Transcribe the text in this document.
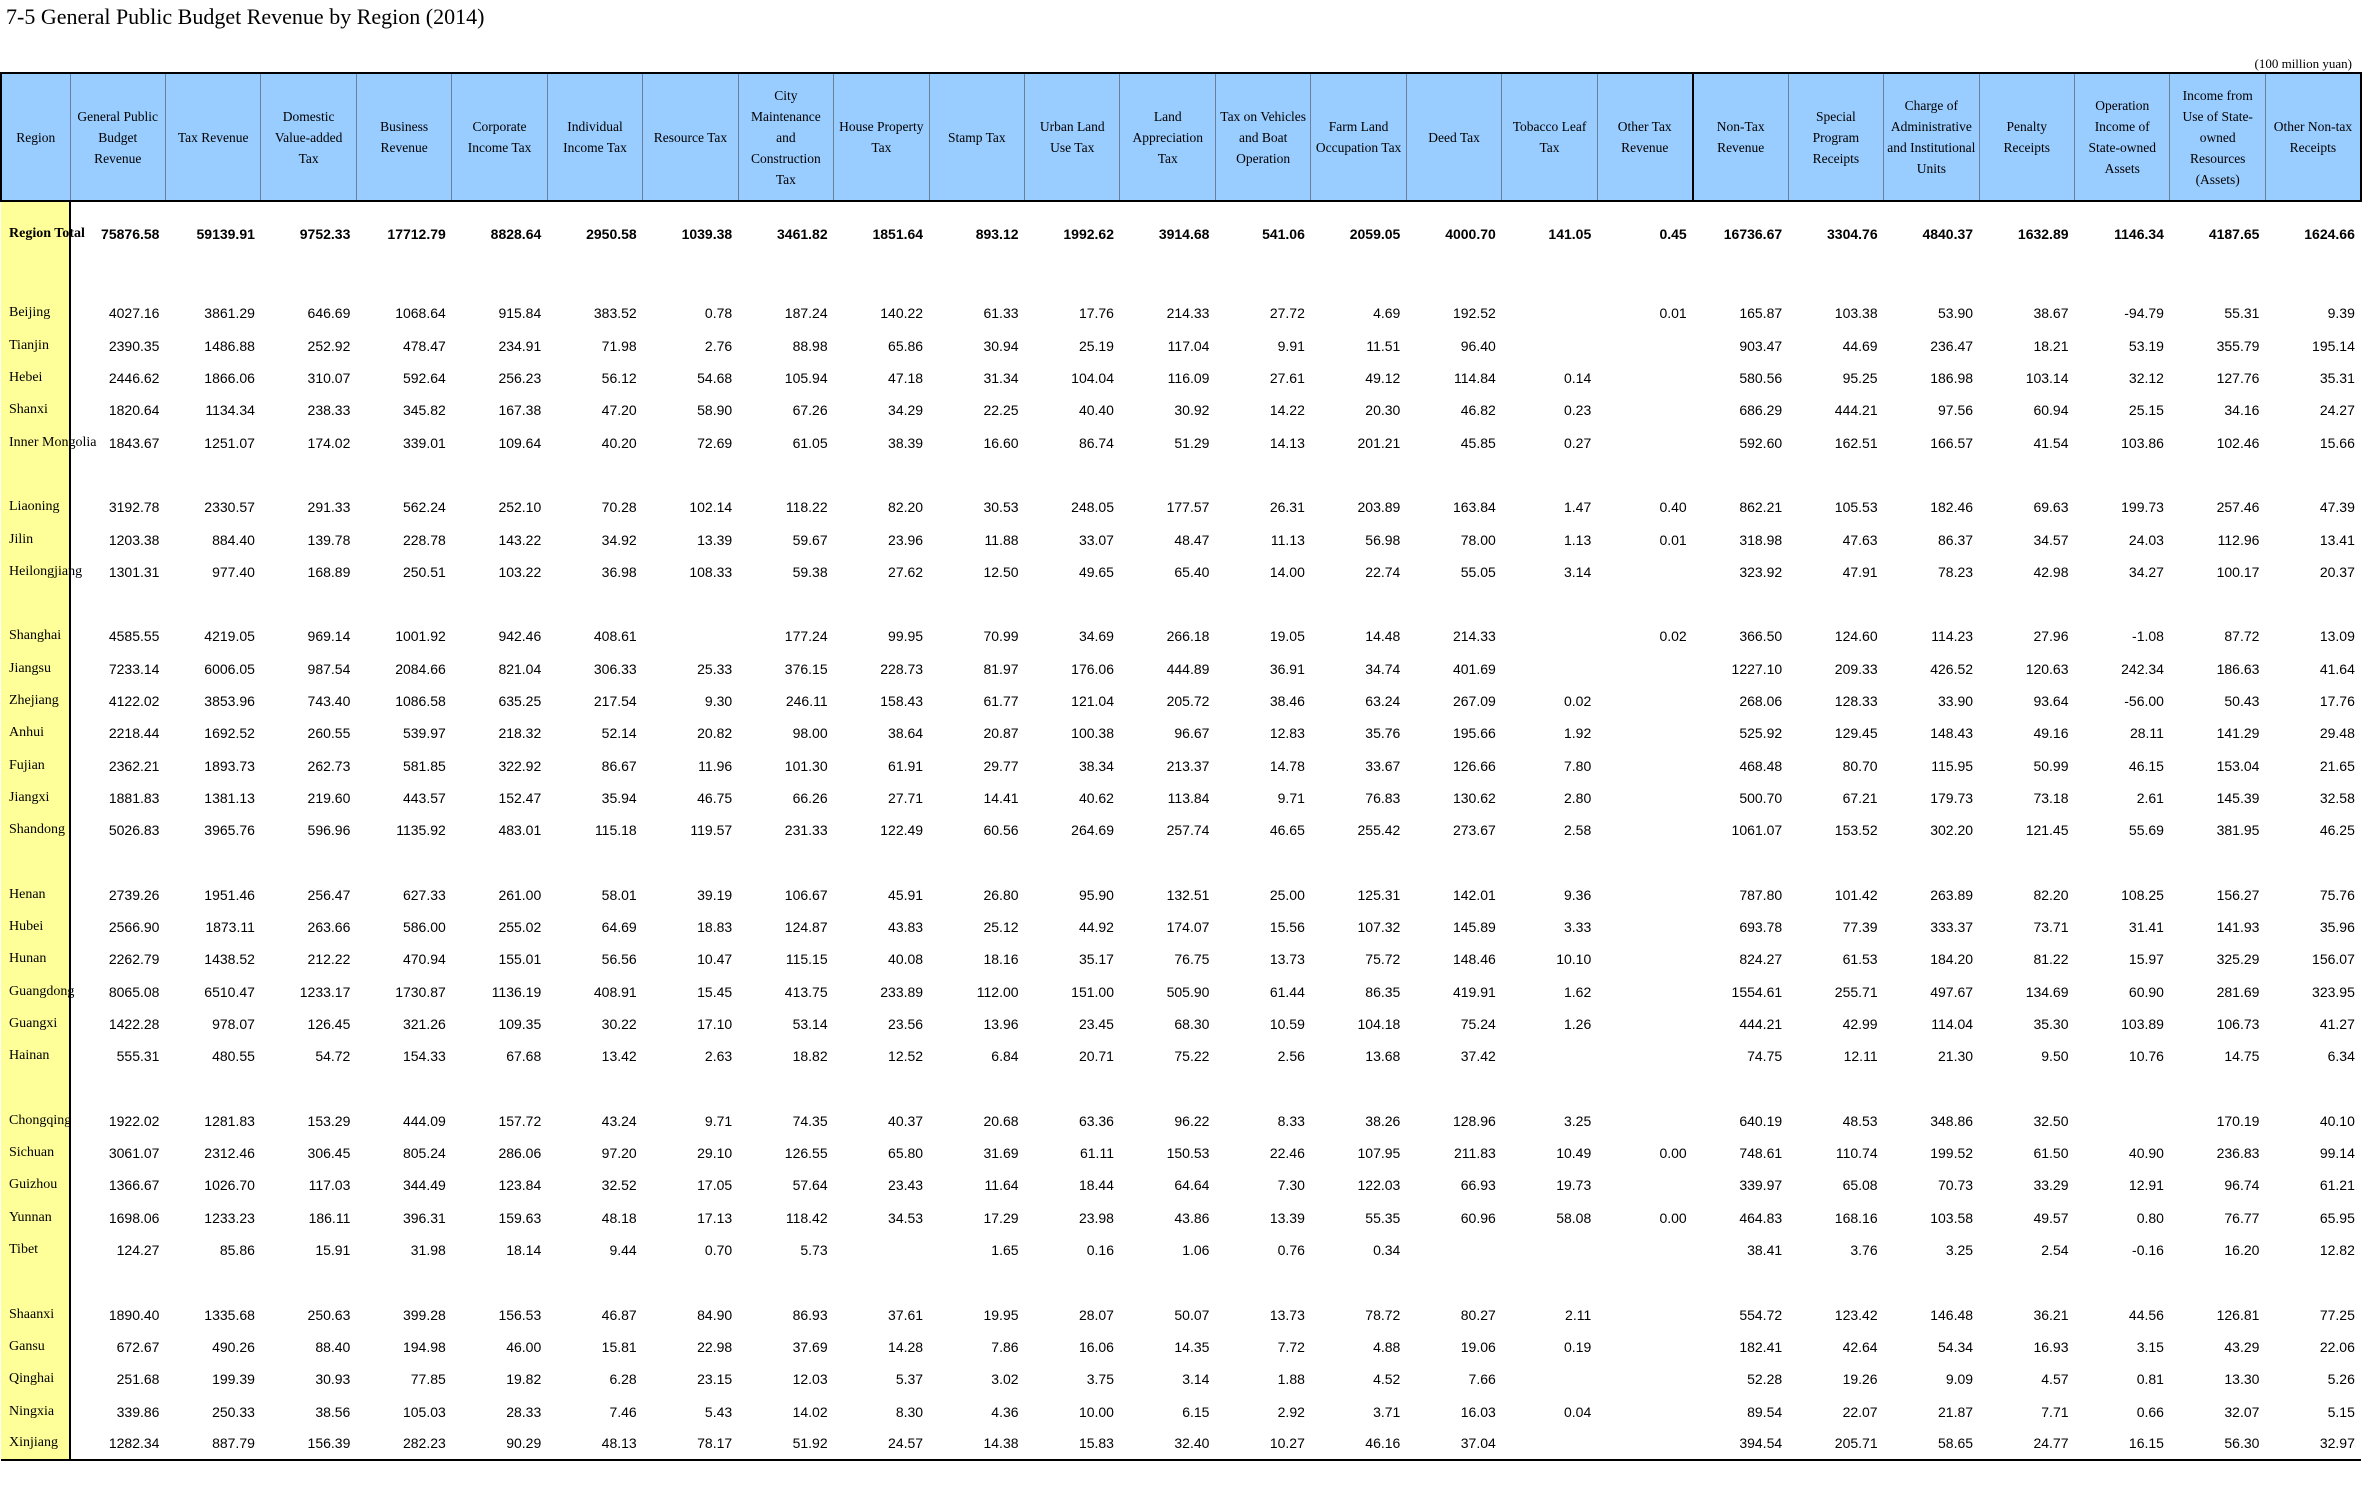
7-5 General Public Budget Revenue by Region (2014)
(100 million yuan)
Region	General Public Budget Revenue	Tax Revenue	Domestic Value-added Tax	Business Revenue	Corporate Income Tax	Individual Income Tax	Resource Tax	City Maintenance and Construction Tax	House Property Tax	Stamp Tax	Urban Land Use Tax	Land Appreciation Tax	Tax on Vehicles and Boat Operation	Farm Land Occupation Tax	Deed Tax	Tobacco Leaf Tax	Other Tax Revenue	Non-Tax Revenue	Special Program Receipts	Charge of Administrative and Institutional Units	Penalty Receipts	Operation Income of State-owned Assets	Income from Use of State-owned Resources (Assets)	Other Non-tax Receipts
Region Total	75876.58	59139.91	9752.33	17712.79	8828.64	2950.58	1039.38	3461.82	1851.64	893.12	1992.62	3914.68	541.06	2059.05	4000.70	141.05	0.45	16736.67	3304.76	4840.37	1632.89	1146.34	4187.65	1624.66

Beijing	4027.16	3861.29	646.69	1068.64	915.84	383.52	0.78	187.24	140.22	61.33	17.76	214.33	27.72	4.69	192.52		0.01	165.87	103.38	53.90	38.67	-94.79	55.31	9.39
Tianjin	2390.35	1486.88	252.92	478.47	234.91	71.98	2.76	88.98	65.86	30.94	25.19	117.04	9.91	11.51	96.40			903.47	44.69	236.47	18.21	53.19	355.79	195.14
Hebei	2446.62	1866.06	310.07	592.64	256.23	56.12	54.68	105.94	47.18	31.34	104.04	116.09	27.61	49.12	114.84	0.14		580.56	95.25	186.98	103.14	32.12	127.76	35.31
Shanxi	1820.64	1134.34	238.33	345.82	167.38	47.20	58.90	67.26	34.29	22.25	40.40	30.92	14.22	20.30	46.82	0.23		686.29	444.21	97.56	60.94	25.15	34.16	24.27
Inner Mongolia	1843.67	1251.07	174.02	339.01	109.64	40.20	72.69	61.05	38.39	16.60	86.74	51.29	14.13	201.21	45.85	0.27		592.60	162.51	166.57	41.54	103.86	102.46	15.66

Liaoning	3192.78	2330.57	291.33	562.24	252.10	70.28	102.14	118.22	82.20	30.53	248.05	177.57	26.31	203.89	163.84	1.47	0.40	862.21	105.53	182.46	69.63	199.73	257.46	47.39
Jilin	1203.38	884.40	139.78	228.78	143.22	34.92	13.39	59.67	23.96	11.88	33.07	48.47	11.13	56.98	78.00	1.13	0.01	318.98	47.63	86.37	34.57	24.03	112.96	13.41
Heilongjiang	1301.31	977.40	168.89	250.51	103.22	36.98	108.33	59.38	27.62	12.50	49.65	65.40	14.00	22.74	55.05	3.14		323.92	47.91	78.23	42.98	34.27	100.17	20.37

Shanghai	4585.55	4219.05	969.14	1001.92	942.46	408.61		177.24	99.95	70.99	34.69	266.18	19.05	14.48	214.33		0.02	366.50	124.60	114.23	27.96	-1.08	87.72	13.09
Jiangsu	7233.14	6006.05	987.54	2084.66	821.04	306.33	25.33	376.15	228.73	81.97	176.06	444.89	36.91	34.74	401.69			1227.10	209.33	426.52	120.63	242.34	186.63	41.64
Zhejiang	4122.02	3853.96	743.40	1086.58	635.25	217.54	9.30	246.11	158.43	61.77	121.04	205.72	38.46	63.24	267.09	0.02		268.06	128.33	33.90	93.64	-56.00	50.43	17.76
Anhui	2218.44	1692.52	260.55	539.97	218.32	52.14	20.82	98.00	38.64	20.87	100.38	96.67	12.83	35.76	195.66	1.92		525.92	129.45	148.43	49.16	28.11	141.29	29.48
Fujian	2362.21	1893.73	262.73	581.85	322.92	86.67	11.96	101.30	61.91	29.77	38.34	213.37	14.78	33.67	126.66	7.80		468.48	80.70	115.95	50.99	46.15	153.04	21.65
Jiangxi	1881.83	1381.13	219.60	443.57	152.47	35.94	46.75	66.26	27.71	14.41	40.62	113.84	9.71	76.83	130.62	2.80		500.70	67.21	179.73	73.18	2.61	145.39	32.58
Shandong	5026.83	3965.76	596.96	1135.92	483.01	115.18	119.57	231.33	122.49	60.56	264.69	257.74	46.65	255.42	273.67	2.58		1061.07	153.52	302.20	121.45	55.69	381.95	46.25

Henan	2739.26	1951.46	256.47	627.33	261.00	58.01	39.19	106.67	45.91	26.80	95.90	132.51	25.00	125.31	142.01	9.36		787.80	101.42	263.89	82.20	108.25	156.27	75.76
Hubei	2566.90	1873.11	263.66	586.00	255.02	64.69	18.83	124.87	43.83	25.12	44.92	174.07	15.56	107.32	145.89	3.33		693.78	77.39	333.37	73.71	31.41	141.93	35.96
Hunan	2262.79	1438.52	212.22	470.94	155.01	56.56	10.47	115.15	40.08	18.16	35.17	76.75	13.73	75.72	148.46	10.10		824.27	61.53	184.20	81.22	15.97	325.29	156.07
Guangdong	8065.08	6510.47	1233.17	1730.87	1136.19	408.91	15.45	413.75	233.89	112.00	151.00	505.90	61.44	86.35	419.91	1.62		1554.61	255.71	497.67	134.69	60.90	281.69	323.95
Guangxi	1422.28	978.07	126.45	321.26	109.35	30.22	17.10	53.14	23.56	13.96	23.45	68.30	10.59	104.18	75.24	1.26		444.21	42.99	114.04	35.30	103.89	106.73	41.27
Hainan	555.31	480.55	54.72	154.33	67.68	13.42	2.63	18.82	12.52	6.84	20.71	75.22	2.56	13.68	37.42			74.75	12.11	21.30	9.50	10.76	14.75	6.34

Chongqing	1922.02	1281.83	153.29	444.09	157.72	43.24	9.71	74.35	40.37	20.68	63.36	96.22	8.33	38.26	128.96	3.25		640.19	48.53	348.86	32.50		170.19	40.10
Sichuan	3061.07	2312.46	306.45	805.24	286.06	97.20	29.10	126.55	65.80	31.69	61.11	150.53	22.46	107.95	211.83	10.49	0.00	748.61	110.74	199.52	61.50	40.90	236.83	99.14
Guizhou	1366.67	1026.70	117.03	344.49	123.84	32.52	17.05	57.64	23.43	11.64	18.44	64.64	7.30	122.03	66.93	19.73		339.97	65.08	70.73	33.29	12.91	96.74	61.21
Yunnan	1698.06	1233.23	186.11	396.31	159.63	48.18	17.13	118.42	34.53	17.29	23.98	43.86	13.39	55.35	60.96	58.08	0.00	464.83	168.16	103.58	49.57	0.80	76.77	65.95
Tibet	124.27	85.86	15.91	31.98	18.14	9.44	0.70	5.73		1.65	0.16	1.06	0.76	0.34				38.41	3.76	3.25	2.54	-0.16	16.20	12.82

Shaanxi	1890.40	1335.68	250.63	399.28	156.53	46.87	84.90	86.93	37.61	19.95	28.07	50.07	13.73	78.72	80.27	2.11		554.72	123.42	146.48	36.21	44.56	126.81	77.25
Gansu	672.67	490.26	88.40	194.98	46.00	15.81	22.98	37.69	14.28	7.86	16.06	14.35	7.72	4.88	19.06	0.19		182.41	42.64	54.34	16.93	3.15	43.29	22.06
Qinghai	251.68	199.39	30.93	77.85	19.82	6.28	23.15	12.03	5.37	3.02	3.75	3.14	1.88	4.52	7.66			52.28	19.26	9.09	4.57	0.81	13.30	5.26
Ningxia	339.86	250.33	38.56	105.03	28.33	7.46	5.43	14.02	8.30	4.36	10.00	6.15	2.92	3.71	16.03	0.04		89.54	22.07	21.87	7.71	0.66	32.07	5.15
Xinjiang	1282.34	887.79	156.39	282.23	90.29	48.13	78.17	51.92	24.57	14.38	15.83	32.40	10.27	46.16	37.04			394.54	205.71	58.65	24.77	16.15	56.30	32.97
